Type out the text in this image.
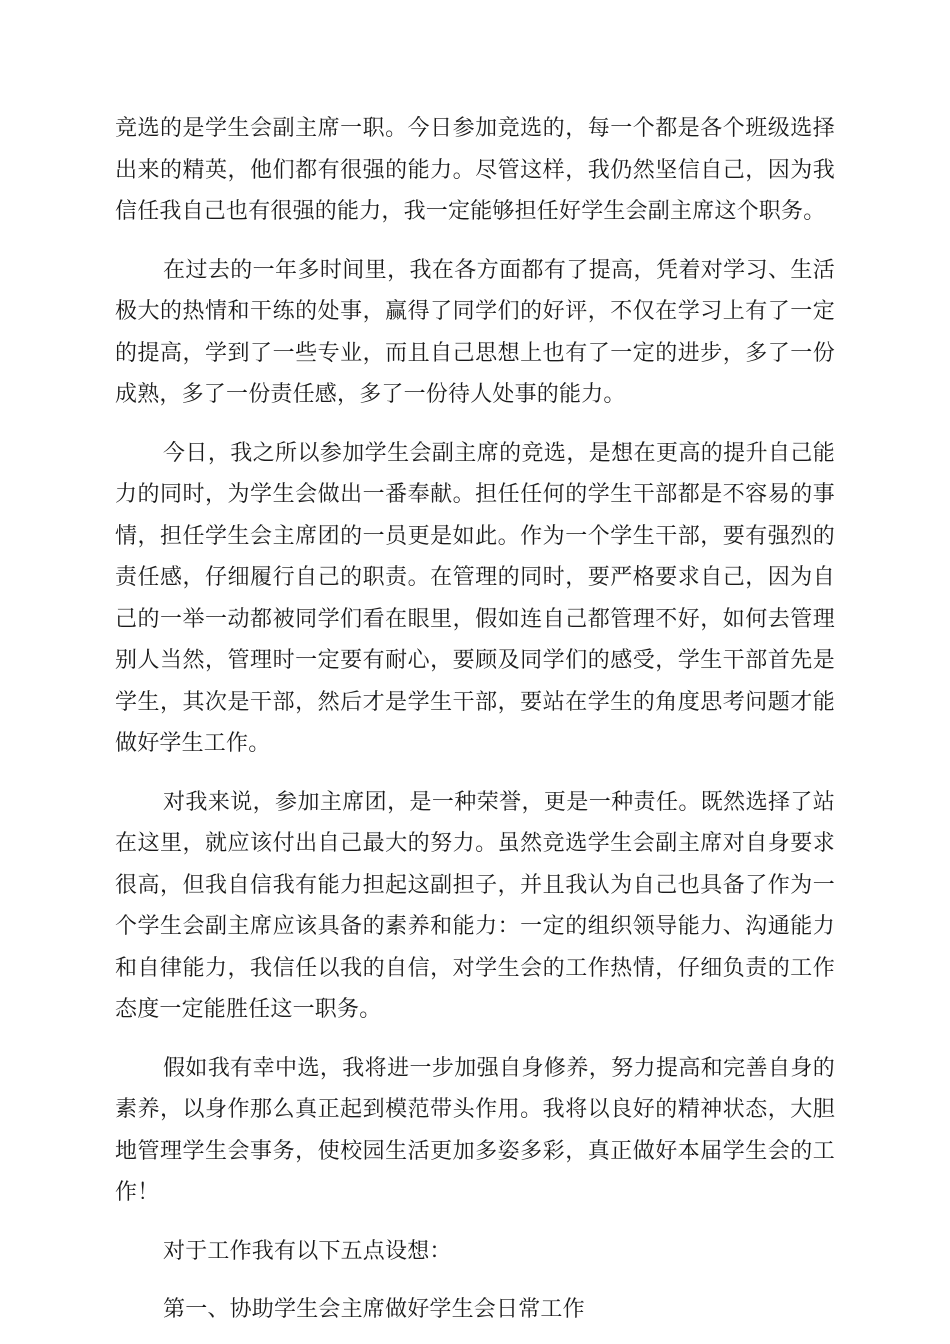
竞选的是学生会副主席一职。今日参加竞选的，每一个都是各个班级选择出来的精英，他们都有很强的能力。尽管这样，我仍然坚信自己，因为我信任我自己也有很强的能力，我一定能够担任好学生会副主席这个职务。

在过去的一年多时间里，我在各方面都有了提高，凭着对学习、生活极大的热情和干练的处事，赢得了同学们的好评，不仅在学习上有了一定的提高，学到了一些专业，而且自己思想上也有了一定的进步，多了一份成熟，多了一份责任感，多了一份待人处事的能力。

今日，我之所以参加学生会副主席的竞选，是想在更高的提升自己能力的同时，为学生会做出一番奉献。担任任何的学生干部都是不容易的事情，担任学生会主席团的一员更是如此。作为一个学生干部，要有强烈的责任感，仔细履行自己的职责。在管理的同时，要严格要求自己，因为自己的一举一动都被同学们看在眼里，假如连自己都管理不好，如何去管理别人当然，管理时一定要有耐心，要顾及同学们的感受，学生干部首先是学生，其次是干部，然后才是学生干部，要站在学生的角度思考问题才能做好学生工作。

对我来说，参加主席团，是一种荣誉，更是一种责任。既然选择了站在这里，就应该付出自己最大的努力。虽然竞选学生会副主席对自身要求很高，但我自信我有能力担起这副担子，并且我认为自己也具备了作为一个学生会副主席应该具备的素养和能力：一定的组织领导能力、沟通能力和自律能力，我信任以我的自信，对学生会的工作热情，仔细负责的工作态度一定能胜任这一职务。

假如我有幸中选，我将进一步加强自身修养，努力提高和完善自身的素养，以身作那么真正起到模范带头作用。我将以良好的精神状态，大胆地管理学生会事务，使校园生活更加多姿多彩，真正做好本届学生会的工作！

对于工作我有以下五点设想：

第一、协助学生会主席做好学生会日常工作
